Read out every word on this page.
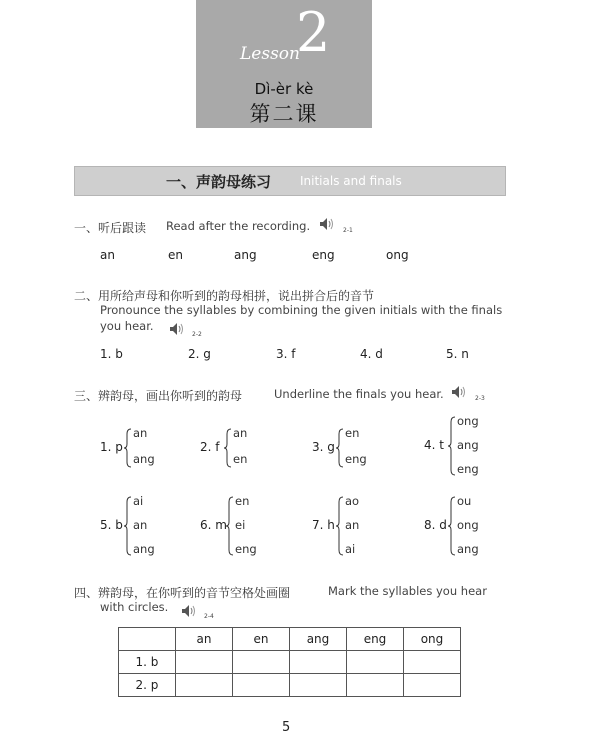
Lesson
2
Dì-èr kè
第二课
一、声韵母练习 Initials and finals
一、听后跟读 Read after the recording.	2-1
an	en	ang	eng	ong
二、用所给声母和你听到的韵母相拼，说出拼合后的音节
Pronounce the syllables by combining the given initials with the finals
you hear.
2-2
1. b	2. g	3. f	4. d	5. n
三、辨韵母，画出你听到的韵母	Underline the finals you hear.	2-3
1. p
an
ang
2. f
an
en
3. g
en
eng
4. t
ong
ang
eng
5. b
ai
an
ang
6. m
en
ei
eng
7. h
ao
an
ai
8. d
ou
ong
ang
四、辨韵母，在你听到的音节空格处画圈	Mark the syllables you hear
with circles.
2-4
	an	en	ang	eng	ong
1. b					
2. p					
5
